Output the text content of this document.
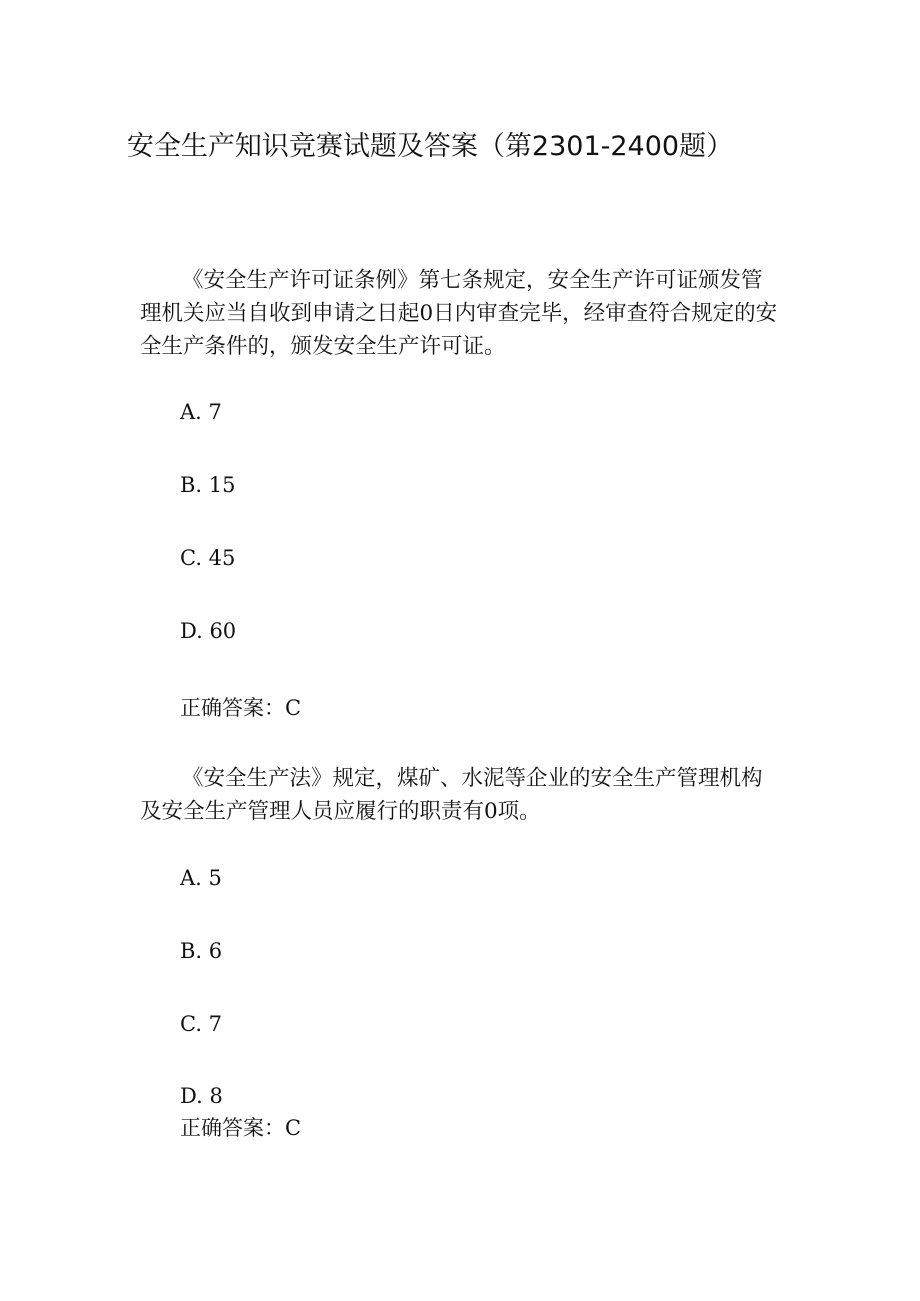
安全生产知识竞赛试题及答案（第2301-2400题）

《安全生产许可证条例》第七条规定，安全生产许可证颁发管理机关应当自收到申请之日起0日内审查完毕，经审查符合规定的安全生产条件的，颁发安全生产许可证。

A. 7

B. 15

C. 45

D. 60

正确答案：C

《安全生产法》规定，煤矿、水泥等企业的安全生产管理机构及安全生产管理人员应履行的职责有0项。

A. 5

B. 6

C. 7

D. 8

正确答案：C
